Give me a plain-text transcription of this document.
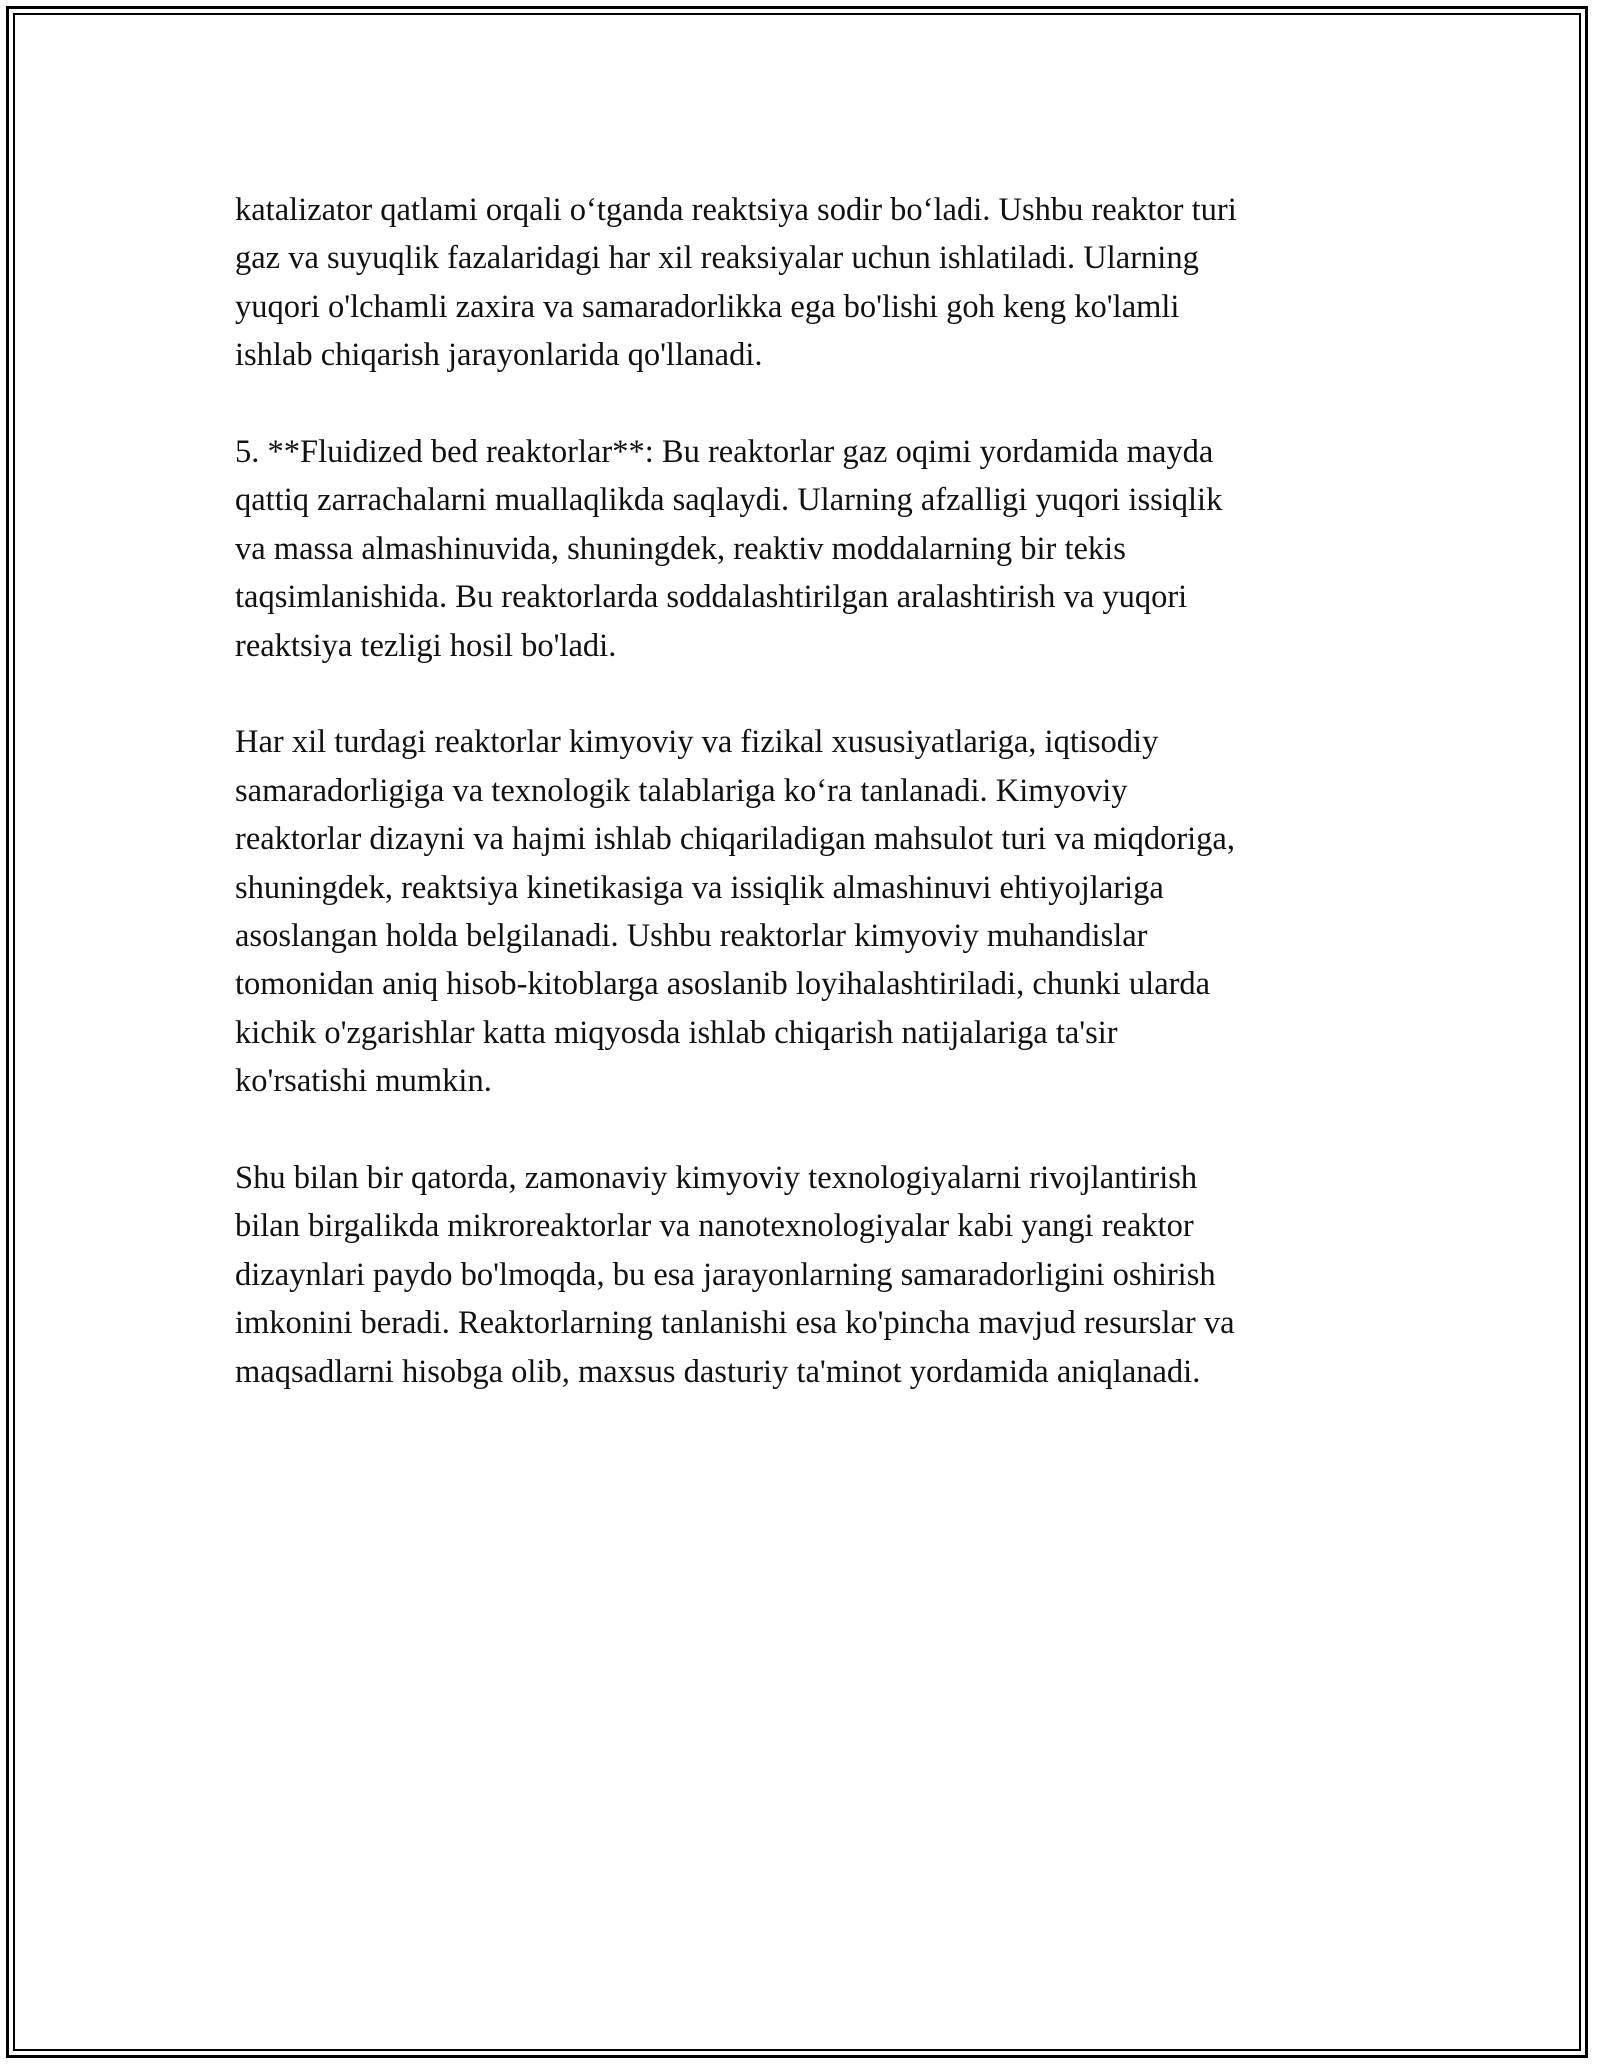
katalizator qatlami orqali o‘tganda reaktsiya sodir bo‘ladi. Ushbu reaktor turi
gaz va suyuqlik fazalaridagi har xil reaksiyalar uchun ishlatiladi. Ularning
yuqori o'lchamli zaxira va samaradorlikka ega bo'lishi goh keng ko'lamli
ishlab chiqarish jarayonlarida qo'llanadi.

5. **Fluidized bed reaktorlar**: Bu reaktorlar gaz oqimi yordamida mayda
qattiq zarrachalarni muallaqlikda saqlaydi. Ularning afzalligi yuqori issiqlik
va massa almashinuvida, shuningdek, reaktiv moddalarning bir tekis
taqsimlanishida. Bu reaktorlarda soddalashtirilgan aralashtirish va yuqori
reaktsiya tezligi hosil bo'ladi.

Har xil turdagi reaktorlar kimyoviy va fizikal xususiyatlariga, iqtisodiy
samaradorligiga va texnologik talablariga ko‘ra tanlanadi. Kimyoviy
reaktorlar dizayni va hajmi ishlab chiqariladigan mahsulot turi va miqdoriga,
shuningdek, reaktsiya kinetikasiga va issiqlik almashinuvi ehtiyojlariga
asoslangan holda belgilanadi. Ushbu reaktorlar kimyoviy muhandislar
tomonidan aniq hisob-kitoblarga asoslanib loyihalashtiriladi, chunki ularda
kichik o'zgarishlar katta miqyosda ishlab chiqarish natijalariga ta'sir
ko'rsatishi mumkin.

Shu bilan bir qatorda, zamonaviy kimyoviy texnologiyalarni rivojlantirish
bilan birgalikda mikroreaktorlar va nanotexnologiyalar kabi yangi reaktor
dizaynlari paydo bo'lmoqda, bu esa jarayonlarning samaradorligini oshirish
imkonini beradi. Reaktorlarning tanlanishi esa ko'pincha mavjud resurslar va
maqsadlarni hisobga olib, maxsus dasturiy ta'minot yordamida aniqlanadi.
